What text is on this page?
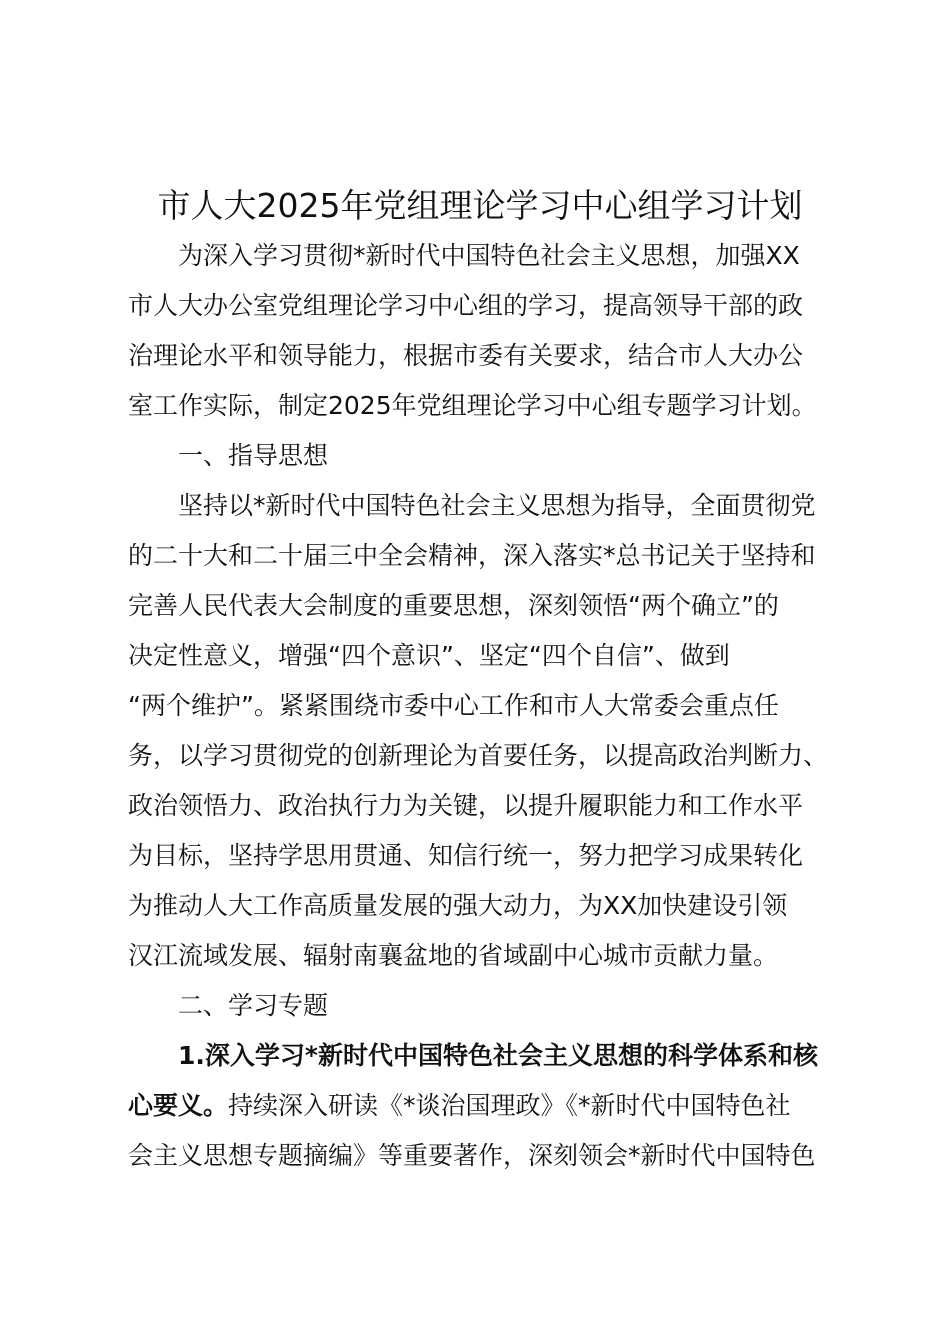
市人大2025年党组理论学习中心组学习计划
为深入学习贯彻*新时代中国特色社会主义思想，加强XX
市人大办公室党组理论学习中心组的学习，提高领导干部的政
治理论水平和领导能力，根据市委有关要求，结合市人大办公
室工作实际，制定2025年党组理论学习中心组专题学习计划。
一、指导思想
坚持以*新时代中国特色社会主义思想为指导，全面贯彻党
的二十大和二十届三中全会精神，深入落实*总书记关于坚持和
完善人民代表大会制度的重要思想，深刻领悟“两个确立”的
决定性意义，增强“四个意识”、坚定“四个自信”、做到
“两个维护”。紧紧围绕市委中心工作和市人大常委会重点任
务，以学习贯彻党的创新理论为首要任务，以提高政治判断力、
政治领悟力、政治执行力为关键，以提升履职能力和工作水平
为目标，坚持学思用贯通、知信行统一，努力把学习成果转化
为推动人大工作高质量发展的强大动力，为XX加快建设引领
汉江流域发展、辐射南襄盆地的省域副中心城市贡献力量。
二、学习专题
1.深入学习*新时代中国特色社会主义思想的科学体系和核
心要义。持续深入研读《*谈治国理政》《*新时代中国特色社
会主义思想专题摘编》等重要著作，深刻领会*新时代中国特色
